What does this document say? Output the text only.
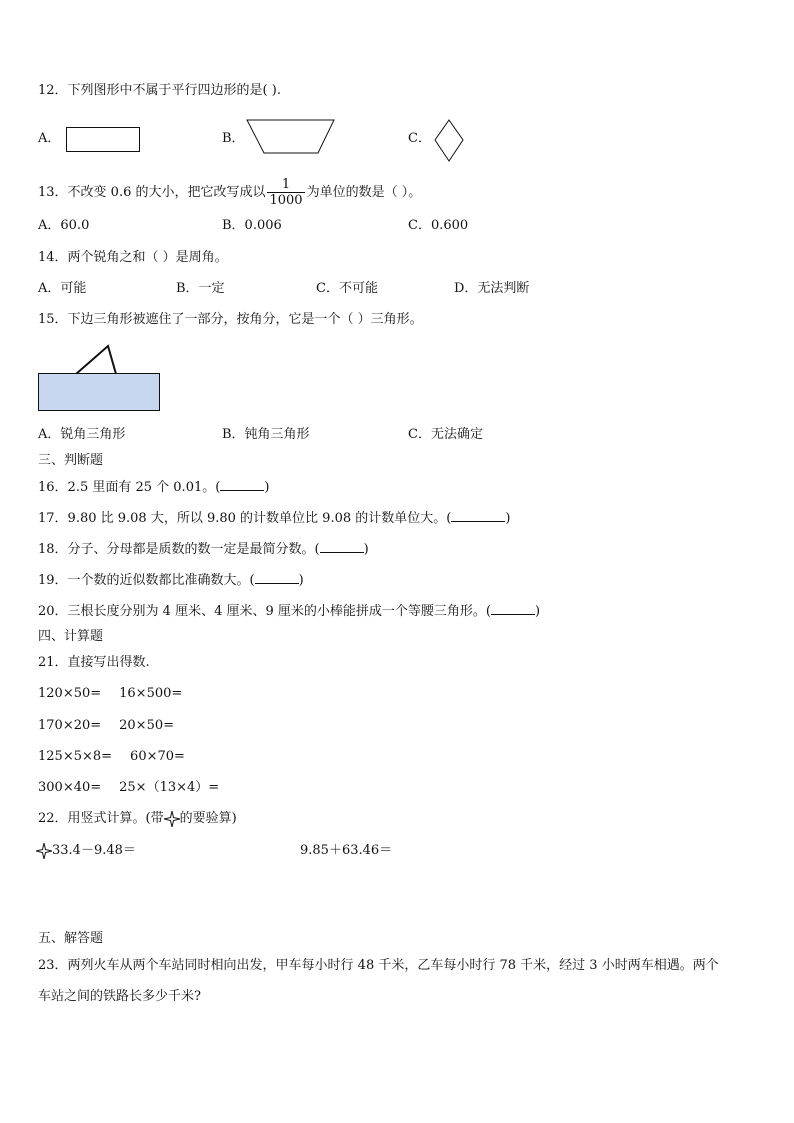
12．下列图形中不属于平行四边形的是( ).
A．	B．	C．
13．不改变 0.6 的大小，把它改写成以 $\frac{1}{1000}$ 为单位的数是（ ）。
A．60.0	B．0.006	C．0.600
14．两个锐角之和（ ）是周角。
A．可能	B．一定	C．不可能	D．无法判断
15．下边三角形被遮住了一部分，按角分，它是一个（ ）三角形。
A．锐角三角形	B．钝角三角形	C．无法确定
三、判断题
16．2.5 里面有 25 个 0.01。(	)
17．9.80 比 9.08 大，所以 9.80 的计数单位比 9.08 的计数单位大。(	)
18．分子、分母都是质数的数一定是最简分数。(	)
19．一个数的近似数都比准确数大。(	)
20．三根长度分别为 4 厘米、4 厘米、9 厘米的小棒能拼成一个等腰三角形。(	)
四、计算题
21．直接写出得数.
120×50= 16×500=
170×20= 20×50=
125×5×8= 60×70=
300×40= 25×（13×4）=
22．用竖式计算。(带 的要验算)
33.4－9.48＝	9.85＋63.46＝
五、解答题
23．两列火车从两个车站同时相向出发，甲车每小时行 48 千米，乙车每小时行 78 千米，经过 3 小时两车相遇。两个
车站之间的铁路长多少千米?
